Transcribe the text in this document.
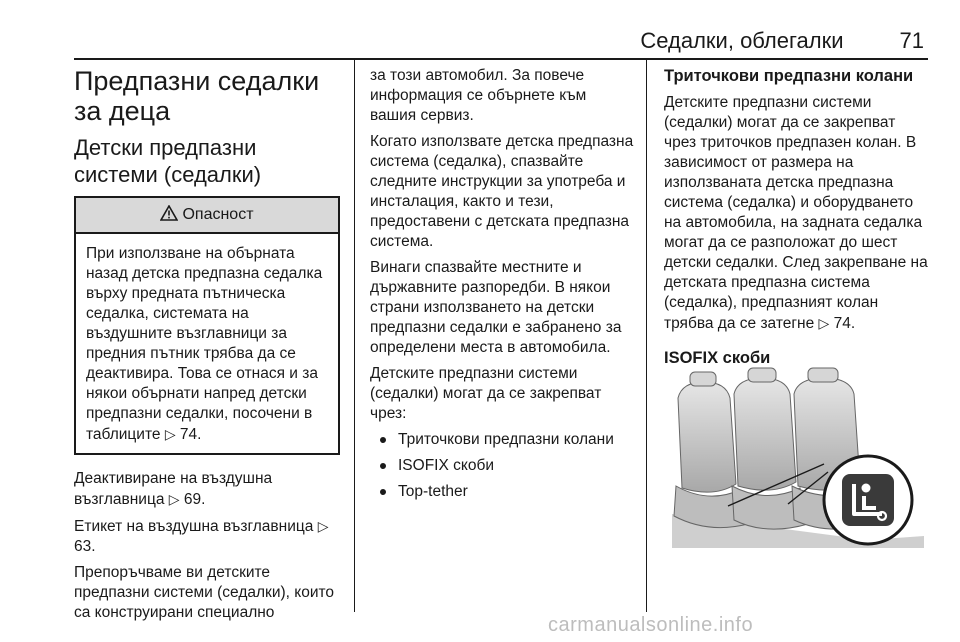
Седалки, облегалки	71
Предпазни седалки за деца
Детски предпазни системи (седалки)
Опасност

При използване на обърната назад детска предпазна седалка върху предната пътническа седалка, системата на въздушните възглавници за предния пътник трябва да се деактивира. Това се отнася и за някои обърнати напред детски предпазни седалки, посочени в таблиците ▷ 74.

Деактивиране на въздушна възглавница ▷ 69.

Етикет на въздушна възглавница ▷ 63.

Препоръчваме ви детските предпазни системи (седалки), които са конструирани специално

за този автомобил. За повече информация се обърнете към вашия сервиз.

Когато използвате детска предпазна система (седалка), спазвайте следните инструкции за употреба и инсталация, както и тези, предоставени с детската предпазна система.

Винаги спазвайте местните и държавните разпоредби. В някои страни използването на детски предпазни седалки е забранено за определени места в автомобила.

Детските предпазни системи (седалки) могат да се закрепват чрез:

Триточкови предпазни колани
ISOFIX скоби
Top-tether
Триточкови предпазни колани

Детските предпазни системи (седалки) могат да се закрепват чрез триточков предпазен колан. В зависимост от размера на използваната детска предпазна система (седалка) и оборудването на автомобила, на задната седалка могат да се разположат до шест детски седалки. След закрепване на детската предпазна система (седалка), предпазният колан трябва да се затегне ▷ 74.

ISOFIX скоби
carmanualsonline.info
